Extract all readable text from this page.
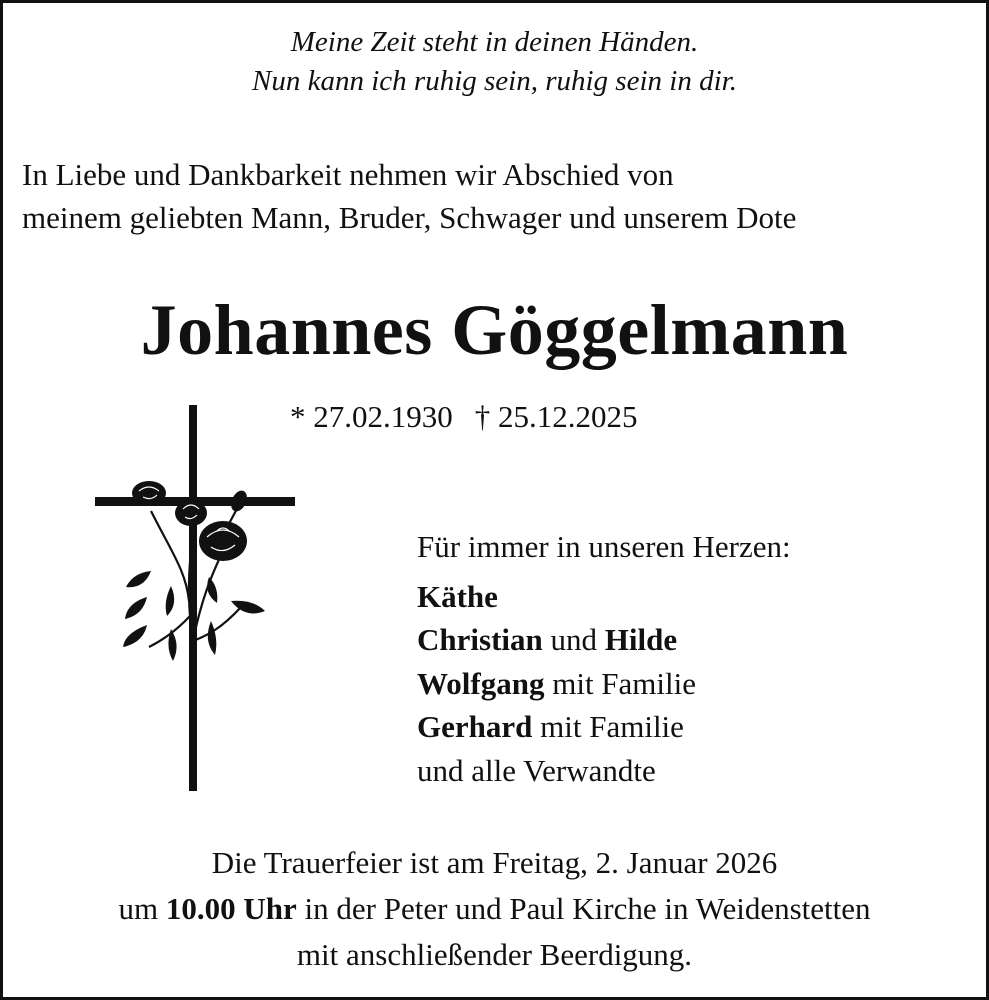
Meine Zeit steht in deinen Händen.
Nun kann ich ruhig sein, ruhig sein in dir.
In Liebe und Dankbarkeit nehmen wir Abschied von
meinem geliebten Mann, Bruder, Schwager und unserem Dote
Johannes Göggelmann
* 27.02.1930 † 25.12.2025
Für immer in unseren Herzen:
Käthe
Christian und Hilde
Wolfgang mit Familie
Gerhard mit Familie
und alle Verwandte
Die Trauerfeier ist am Freitag, 2. Januar 2026
um 10.00 Uhr in der Peter und Paul Kirche in Weidenstetten
mit anschließender Beerdigung.
